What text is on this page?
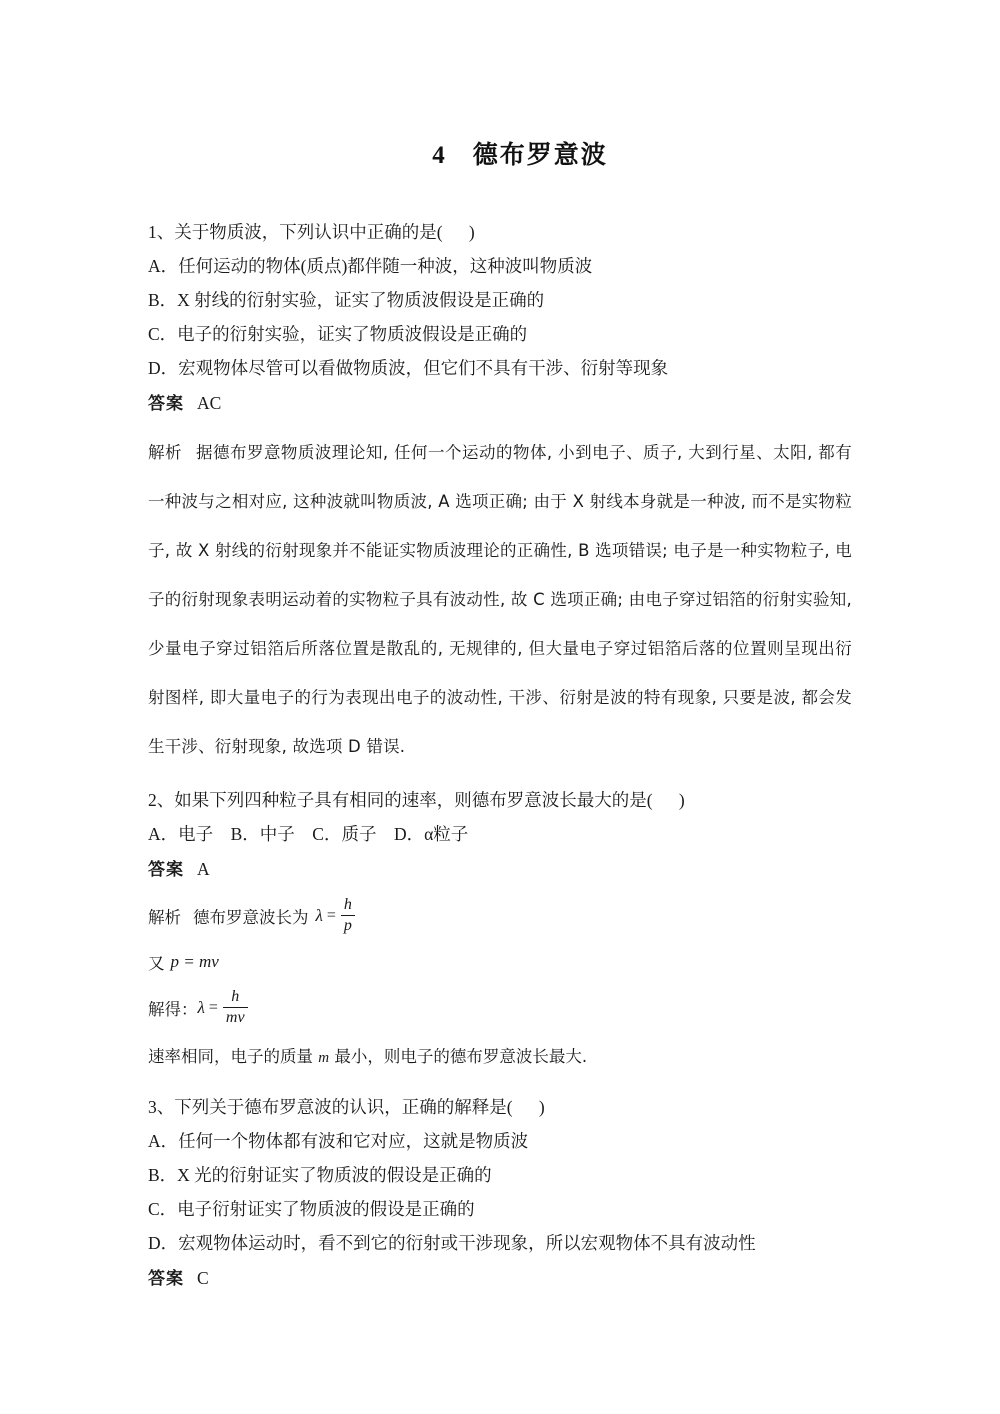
4 德布罗意波
1、关于物质波，下列认识中正确的是(      )
A．任何运动的物体(质点)都伴随一种波，这种波叫物质波
B．X 射线的衍射实验，证实了物质波假设是正确的
C．电子的衍射实验，证实了物质波假设是正确的
D．宏观物体尽管可以看做物质波，但它们不具有干涉、衍射等现象
答案 AC
解析 据德布罗意物质波理论知, 任何一个运动的物体, 小到电子、质子, 大到行星、太阳, 都有一种波与之相对应, 这种波就叫物质波, A 选项正确; 由于 X 射线本身就是一种波, 而不是实物粒子, 故 X 射线的衍射现象并不能证实物质波理论的正确性, B 选项错误; 电子是一种实物粒子, 电子的衍射现象表明运动着的实物粒子具有波动性, 故 C 选项正确; 由电子穿过铝箔的衍射实验知, 少量电子穿过铝箔后所落位置是散乱的, 无规律的, 但大量电子穿过铝箔后落的位置则呈现出衍射图样, 即大量电子的行为表现出电子的波动性, 干涉、衍射是波的特有现象, 只要是波, 都会发生干涉、衍射现象, 故选项 D 错误.
2、如果下列四种粒子具有相同的速率，则德布罗意波长最大的是(      )
A．电子　B．中子　C．质子　D．α粒子
答案 A
解析 德布罗意波长为 $\lambda = \frac{h}{p}$
又 p = mv
解得： $\lambda = \frac{h}{mv}$
速率相同，电子的质量 m 最小，则电子的德布罗意波长最大.
3、下列关于德布罗意波的认识，正确的解释是(      )
A．任何一个物体都有波和它对应，这就是物质波
B．X 光的衍射证实了物质波的假设是正确的
C．电子衍射证实了物质波的假设是正确的
D．宏观物体运动时，看不到它的衍射或干涉现象，所以宏观物体不具有波动性
答案 C
